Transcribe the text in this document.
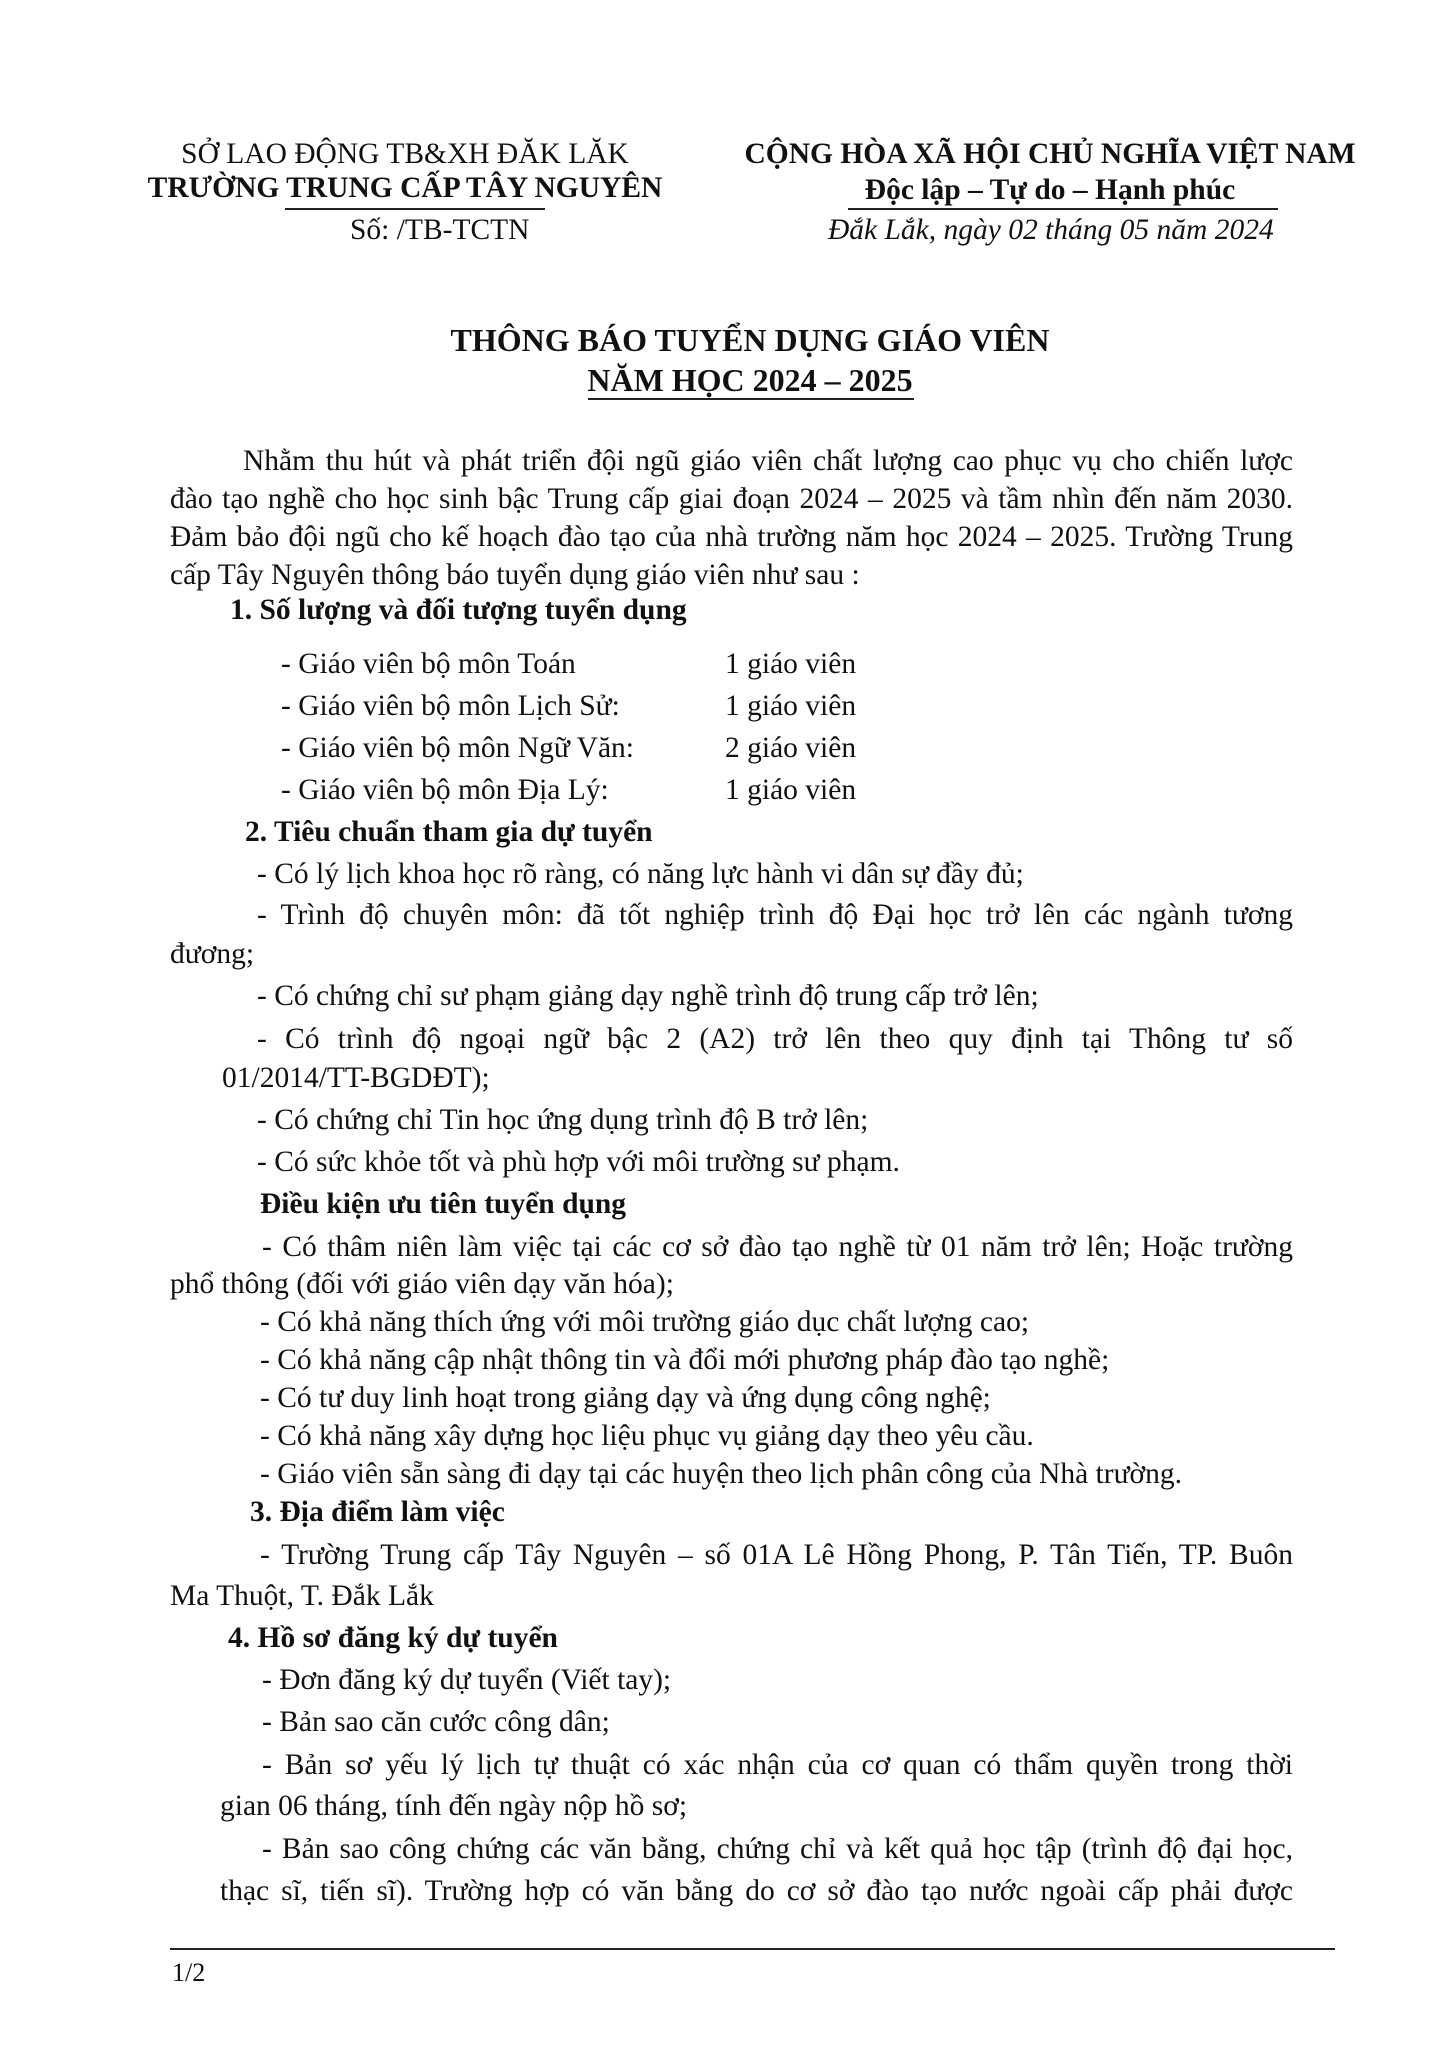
SỞ LAO ĐỘNG TB&XH ĐĂK LĂK
TRƯỜNG TRUNG CẤP TÂY NGUYÊN
Số: /TB-TCTN
CỘNG HÒA XÃ HỘI CHỦ NGHĨA VIỆT NAM
Độc lập – Tự do – Hạnh phúc
Đắk Lắk, ngày 02 tháng 05 năm 2024
THÔNG BÁO TUYỂN DỤNG GIÁO VIÊN
NĂM HỌC 2024 – 2025
Nhằm thu hút và phát triển đội ngũ giáo viên chất lượng cao phục vụ cho chiến lược
đào tạo nghề cho học sinh bậc Trung cấp giai đoạn 2024 – 2025 và tầm nhìn đến năm 2030.
Đảm bảo đội ngũ cho kế hoạch đào tạo của nhà trường năm học 2024 – 2025. Trường Trung
cấp Tây Nguyên thông báo tuyển dụng giáo viên như sau :
1. Số lượng và đối tượng tuyển dụng
- Giáo viên bộ môn Toán	1 giáo viên
- Giáo viên bộ môn Lịch Sử:	1 giáo viên
- Giáo viên bộ môn Ngữ Văn:	2 giáo viên
- Giáo viên bộ môn Địa Lý:	1 giáo viên
2. Tiêu chuẩn tham gia dự tuyển
- Có lý lịch khoa học rõ ràng, có năng lực hành vi dân sự đầy đủ;
- Trình độ chuyên môn: đã tốt nghiệp trình độ Đại học trở lên các ngành tương
đương;
- Có chứng chỉ sư phạm giảng dạy nghề trình độ trung cấp trở lên;
- Có trình độ ngoại ngữ bậc 2 (A2) trở lên theo quy định tại Thông tư số
01/2014/TT-BGDĐT);
- Có chứng chỉ Tin học ứng dụng trình độ B trở lên;
- Có sức khỏe tốt và phù hợp với môi trường sư phạm.
Điều kiện ưu tiên tuyển dụng
- Có thâm niên làm việc tại các cơ sở đào tạo nghề từ 01 năm trở lên; Hoặc trường
phổ thông (đối với giáo viên dạy văn hóa);
- Có khả năng thích ứng với môi trường giáo dục chất lượng cao;
- Có khả năng cập nhật thông tin và đổi mới phương pháp đào tạo nghề;
- Có tư duy linh hoạt trong giảng dạy và ứng dụng công nghệ;
- Có khả năng xây dựng học liệu phục vụ giảng dạy theo yêu cầu.
- Giáo viên sẵn sàng đi dạy tại các huyện theo lịch phân công của Nhà trường.
3. Địa điểm làm việc
- Trường Trung cấp Tây Nguyên – số 01A Lê Hồng Phong, P. Tân Tiến, TP. Buôn
Ma Thuột, T. Đắk Lắk
4. Hồ sơ đăng ký dự tuyển
- Đơn đăng ký dự tuyển (Viết tay);
- Bản sao căn cước công dân;
- Bản sơ yếu lý lịch tự thuật có xác nhận của cơ quan có thẩm quyền trong thời
gian 06 tháng, tính đến ngày nộp hồ sơ;
- Bản sao công chứng các văn bằng, chứng chỉ và kết quả học tập (trình độ đại học,
thạc sĩ, tiến sĩ). Trường hợp có văn bằng do cơ sở đào tạo nước ngoài cấp phải được
1/2
